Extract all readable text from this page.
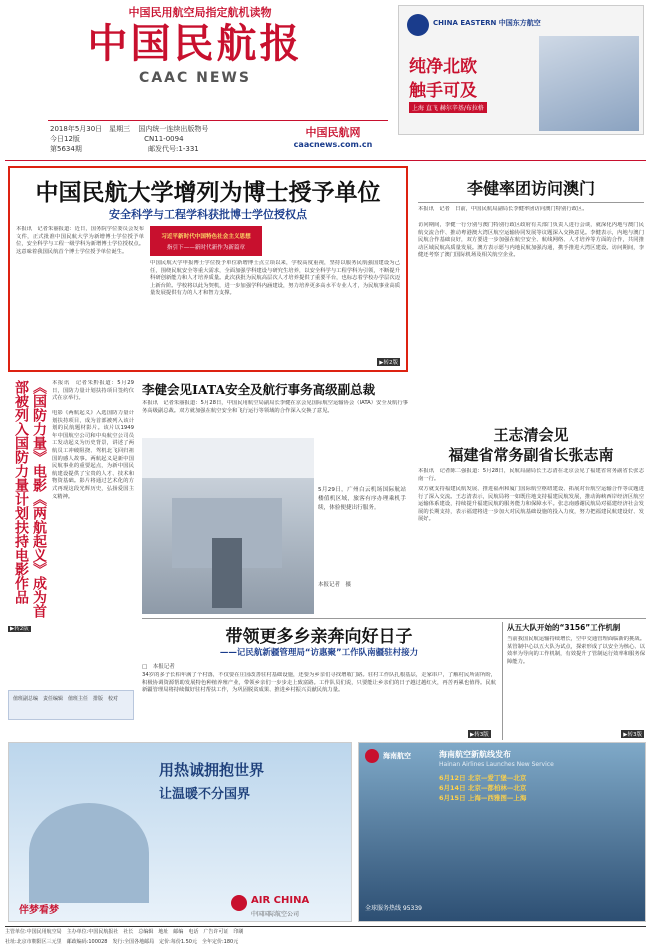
中国民用航空局指定航机读物
中国民航报
CAAC NEWS
CHINA EASTERN 中国东方航空
纯净北欧
触手可及
上海 直飞 赫尔辛基/布拉格
2018年5月30日　星期三 国内统一连续出版物号
今日12版	CN11-0094
第5634期	邮发代号:1-331
中国民航网
caacnews.com.cn
中国民航大学增列为博士授予单位
安全科学与工程学科获批博士学位授权点
本报讯　记者朱丽报道：近日，国务院学位委员会发布文件，正式批准中国民航大学为新增博士学位授予单位，安全科学与工程一级学科为新增博士学位授权点。这意味着我国民航首个博士学位授予单位诞生。
习近平新时代中国特色社会主义思想
指引下——新时代新作为新篇章
中国民航大学申报博士学位授予单位新增博士点立项以来，学校高度重视，坚持以服务民航强国建设为己任，围绕民航安全等重大需求，全面加强学科建设与研究生培养，以安全科学与工程学科为引领，不断提升科研创新能力和人才培养质量。此次获批为民航高层次人才培养提供了重要平台，也标志着学校办学层次迈上新台阶。学校将以此为契机，进一步加强学科内涵建设，努力培养更多高水平专业人才，为民航事业高质量发展提供有力的人才和智力支撑。
▶转2版
李健率团访问澳门
本报讯　记者　日前，中国民航局副局长李健率团访问澳门特别行政区。
访问期间，李健一行分别与澳门特别行政区政府有关部门负责人进行会谈，就深化内地与澳门民航交流合作、推动粤港澳大湾区航空运输协同发展等议题深入交换意见。李健表示，内地与澳门民航合作基础良好，双方要进一步加强在航空安全、航线网络、人才培养等方面的合作，共同推动区域民航高质量发展。澳方表示愿与内地民航加强沟通，携手推进大湾区建设。访问期间，李健还考察了澳门国际机场及相关航空企业。
《国防力量》电影《两航起义》成为首部被列入国防力量计划扶持电影作品	本报讯　记者朱黔报道：5月29日，国防力量计划扶持项目签约仪式在京举行。
电影《两航起义》入选国防力量计划扶持项目，成为首部被列入该计划的民航题材影片。该片以1949年中国航空公司和中央航空公司员工发动起义为历史背景，讲述了两航员工冲破阻挠、驾机北飞回归祖国的感人故事。两航起义是新中国民航事业的重要起点，为新中国民航建设提供了宝贵的人才、技术和物资基础。影片将通过艺术化的方式再现这段光辉历史，弘扬爱国主义精神。
▶转2版
值班副总编　责任编辑　值班主任　排版　校对
李健会见IATA安全及航行事务高级副总裁
本报讯　记者朱丽报道：5月28日，中国民用航空局副局长李健在京会见国际航空运输协会（IATA）安全及航行事务高级副总裁。双方就加强在航空安全和飞行运行等领域的合作深入交换了意见。
5月29日，广州白云机场国际航站楼值机区域，旅客有序办理乘机手续，体验便捷出行服务。
本报记者　摄
王志清会见
福建省常务副省长张志南
本报讯　记者陈二强报道：5月28日，民航局副局长王志清在北京会见了福建省常务副省长张志南一行。
双方就支持福建民航发展、推进福州和厦门国际航空枢纽建设、拓展对台航空运输合作等议题进行了深入交流。王志清表示，民航局将一如既往地支持福建民航发展，推动海峡西岸经济区航空运输体系建设，持续提升福建民航的服务能力和保障水平。张志南感谢民航局对福建经济社会发展的长期支持，表示福建将进一步加大对民航基础设施的投入力度，努力把福建民航建设好、发展好。
带领更多乡亲奔向好日子
——记民航新疆管理局“访惠聚”工作队南疆驻村接力
□　本报记者　
34岁的多子长柏年满了个村落，不仅要在庄园改善驻村基础设施，还要为乡亲们寻找增收门路。驻村工作队扎根基层，走家串户，了解村民所需所盼，积极协调资源帮助发展特色种植养殖产业，带领乡亲们一步步走上致富路。工作队员们说，只要能让乡亲们的日子越过越红火，再苦再累也值得。民航新疆管理局将持续做好驻村帮扶工作，为巩固脱贫成果、推进乡村振兴贡献民航力量。
▶转3版
从五大队开始的“3156”工作机制
当前我国民航运输持续增长，空中交通管理面临新的挑战。某管制中心以五大队为试点，探索形成了以安全为核心、以效率为导向的工作机制，有效提升了管制运行效率和服务保障能力。
▶转3版
用热诚拥抱世界
让温暖不分国界
伴梦看梦
AIR CHINA
中国国际航空公司
海南航空	海南航空新航线发布
Hainan Airlines Launches New Service
6月12日 北京—爱丁堡—北京
6月14日 北京—都柏林—北京
6月15日 上海—西雅图—上海
全球服务热线 95339
主管单位:中国民用航空局　主办单位:中国民航报社　社长　总编辑　地址　邮编　电话　广告许可证　印刷
社址:北京市朝阳区三元里　邮政编码:100028　发行:全国各地邮局　定价:每份1.50元　全年定价:180元
